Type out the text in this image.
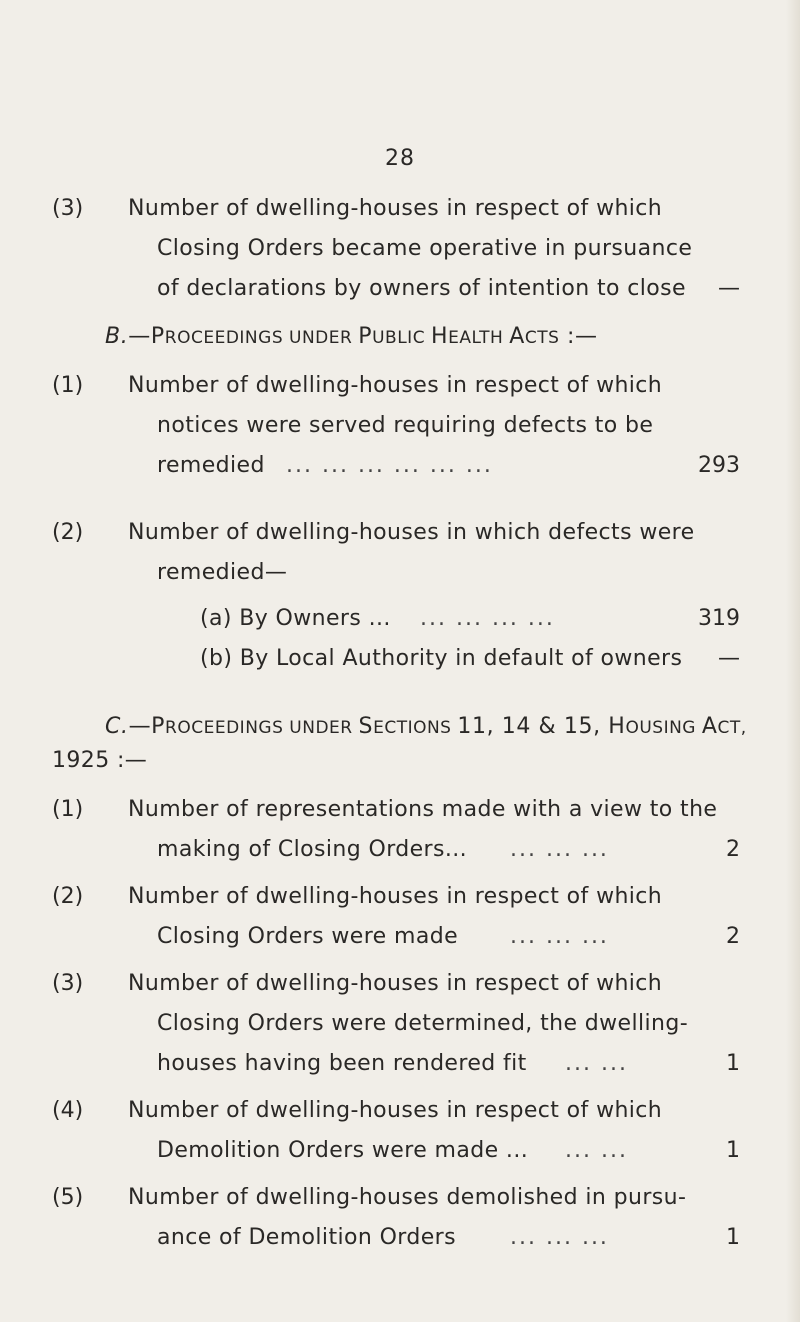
28
(3)	Number of dwelling-houses in respect of which
Closing Orders became operative in pursuance
of declarations by owners of intention to close	—
B.—PROCEEDINGS UNDER PUBLIC HEALTH ACTS :—
(1)	Number of dwelling-houses in respect of which
notices were served requiring defects to be
remedied ... ... ... ... ... ...	293
(2)	Number of dwelling-houses in which defects were
remedied—
(a) By Owners ... ... ... ... ...	319
(b) By Local Authority in default of owners	—
C.—PROCEEDINGS UNDER SECTIONS 11, 14 & 15, HOUSING ACT,
1925 :—
(1)	Number of representations made with a view to the
making of Closing Orders... ... ... ...	2
(2)	Number of dwelling-houses in respect of which
Closing Orders were made ... ... ...	2
(3)	Number of dwelling-houses in respect of which
Closing Orders were determined, the dwelling-
houses having been rendered fit ... ...	1
(4)	Number of dwelling-houses in respect of which
Demolition Orders were made ... ... ...	1
(5)	Number of dwelling-houses demolished in pursu-
ance of Demolition Orders ... ... ...	1
